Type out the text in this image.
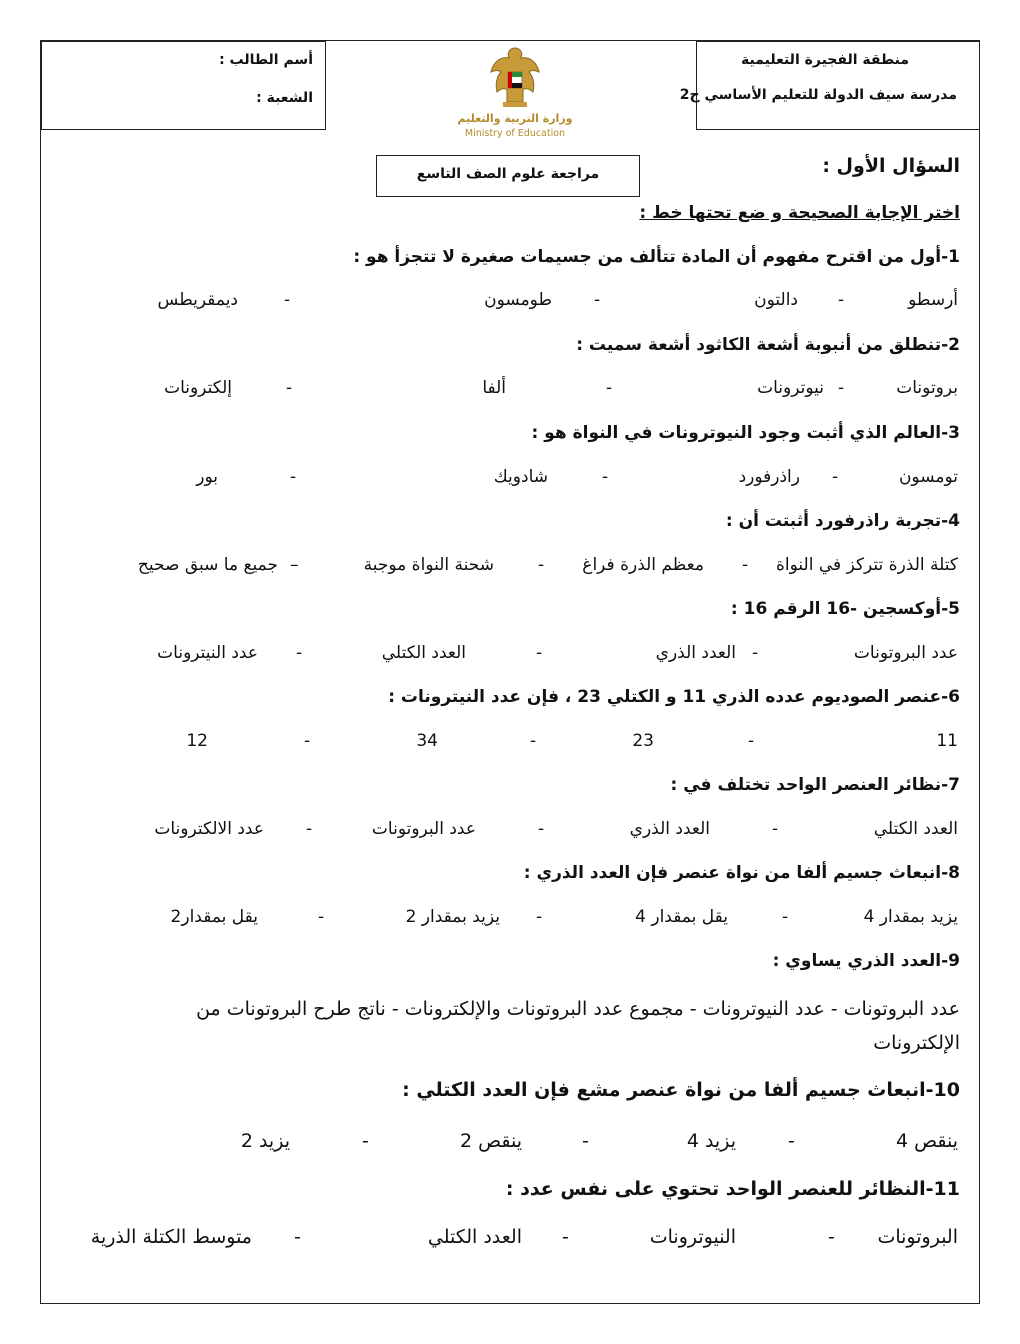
أسم الطالب :
الشعبة :
وزارة التربية والتعليم
Ministry of Education
منطقة الفجيرة التعليمية
مدرسة سيف الدولة للتعليم الأساسي ح2
مراجعة علوم الصف التاسع	السؤال الأول :
اختر الإجابة الصحيحة و ضع تحتها خط :
1-أول من اقترح مفهوم أن المادة تتألف من جسيمات صغيرة لا تتجزأ هو :
أرسطو
-
دالتون
-
طومسون
-
ديمقريطس
2-تنطلق من أنبوبة أشعة الكاثود أشعة سميت :
بروتونات
-
نيوترونات
-
ألفا
-
إلكترونات
3-العالم الذي أثبت وجود النيوترونات في النواة هو :
تومسون
-
راذرفورد
-
شادويك
-
بور
4-تجربة راذرفورد أثبتت أن :
كتلة الذرة تتركز في النواة
-
معظم الذرة فراغ
-
شحنة النواة موجبة
–
جميع ما سبق صحيح
5-أوكسجين -16 الرقم 16 :
عدد البروتونات
-
العدد الذري
-
العدد الكتلي
-
عدد النيترونات
6-عنصر الصوديوم عدده الذري 11 و الكتلي 23 ، فإن عدد النيترونات :
11
-
23
-
34
-
12
7-نظائر العنصر الواحد تختلف في :
العدد الكتلي
-
العدد الذري
-
عدد البروتونات
-
عدد الالكترونات
8-انبعاث جسيم ألفا من نواة عنصر فإن العدد الذري :
يزيد بمقدار 4
-
يقل بمقدار 4
-
يزيد بمقدار 2
-
يقل بمقدار2
9-العدد الذري يساوي :
عدد البروتونات - عدد النيوترونات - مجموع عدد البروتونات والإلكترونات - ناتج طرح البروتونات من الإلكترونات
10-انبعاث جسيم ألفا من نواة عنصر مشع فإن العدد الكتلي :
ينقص 4
-
يزيد 4
-
ينقص 2
-
يزيد 2
11-النظائر للعنصر الواحد تحتوي على نفس عدد :
البروتونات
-
النيوترونات
-
العدد الكتلي
-
متوسط الكتلة الذرية
